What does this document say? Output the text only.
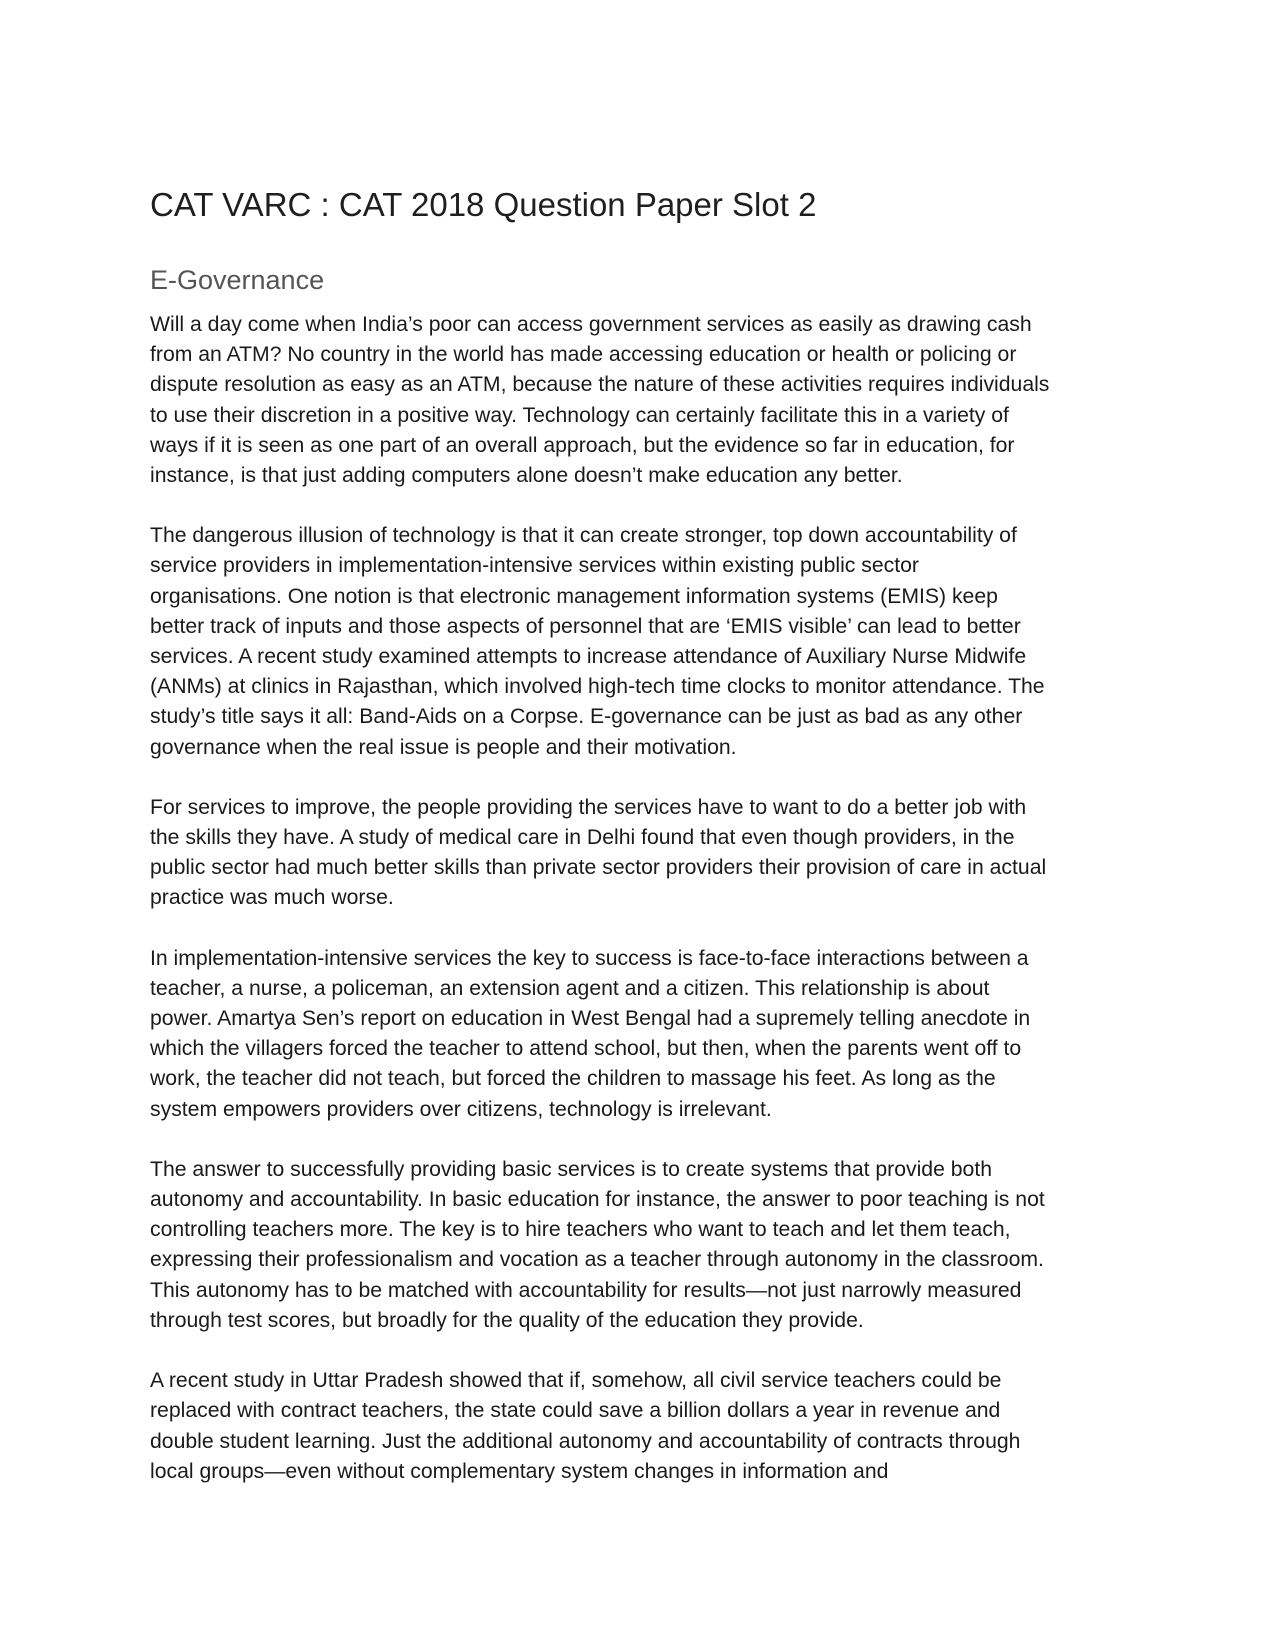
CAT VARC : CAT 2018 Question Paper Slot 2
E-Governance

Will a day come when India’s poor can access government services as easily as drawing cash
from an ATM? No country in the world has made accessing education or health or policing or
dispute resolution as easy as an ATM, because the nature of these activities requires individuals
to use their discretion in a positive way. Technology can certainly facilitate this in a variety of
ways if it is seen as one part of an overall approach, but the evidence so far in education, for
instance, is that just adding computers alone doesn’t make education any better.

The dangerous illusion of technology is that it can create stronger, top down accountability of
service providers in implementation-intensive services within existing public sector
organisations. One notion is that electronic management information systems (EMIS) keep
better track of inputs and those aspects of personnel that are ‘EMIS visible’ can lead to better
services. A recent study examined attempts to increase attendance of Auxiliary Nurse Midwife
(ANMs) at clinics in Rajasthan, which involved high-tech time clocks to monitor attendance. The
study’s title says it all: Band-Aids on a Corpse. E-governance can be just as bad as any other
governance when the real issue is people and their motivation.

For services to improve, the people providing the services have to want to do a better job with
the skills they have. A study of medical care in Delhi found that even though providers, in the
public sector had much better skills than private sector providers their provision of care in actual
practice was much worse.

In implementation-intensive services the key to success is face-to-face interactions between a
teacher, a nurse, a policeman, an extension agent and a citizen. This relationship is about
power. Amartya Sen’s report on education in West Bengal had a supremely telling anecdote in
which the villagers forced the teacher to attend school, but then, when the parents went off to
work, the teacher did not teach, but forced the children to massage his feet. As long as the
system empowers providers over citizens, technology is irrelevant.

The answer to successfully providing basic services is to create systems that provide both
autonomy and accountability. In basic education for instance, the answer to poor teaching is not
controlling teachers more. The key is to hire teachers who want to teach and let them teach,
expressing their professionalism and vocation as a teacher through autonomy in the classroom.
This autonomy has to be matched with accountability for results—not just narrowly measured
through test scores, but broadly for the quality of the education they provide.

A recent study in Uttar Pradesh showed that if, somehow, all civil service teachers could be
replaced with contract teachers, the state could save a billion dollars a year in revenue and
double student learning. Just the additional autonomy and accountability of contracts through
local groups—even without complementary system changes in information and
